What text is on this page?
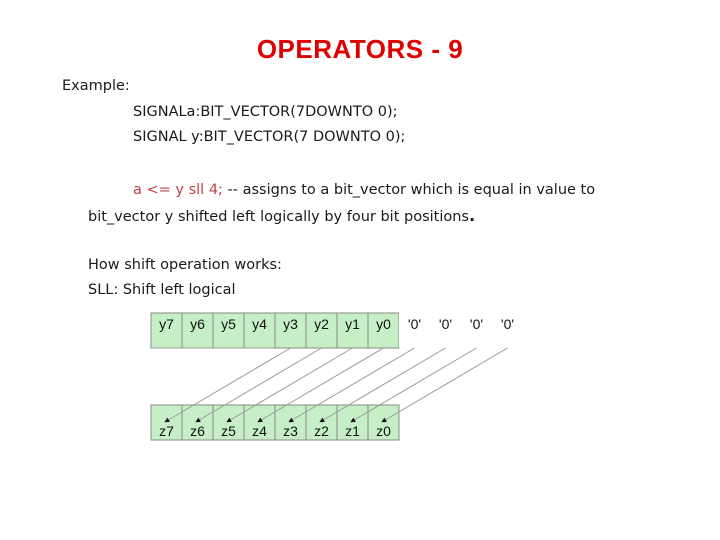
OPERATORS - 9
Example:
SIGNALa:BIT_VECTOR(7DOWNTO 0);
SIGNAL y:BIT_VECTOR(7 DOWNTO 0);
a <= y sll 4; -- assigns to a bit_vector which is equal in value to
bit_vector y shifted left logically by four bit positions.
How shift operation works:
SLL: Shift left logical
y7 y6 y5 y4 y3 y2 y1 y0 '0' '0' '0' '0'
z7 z6 z5 z4 z3 z2 z1 z0
